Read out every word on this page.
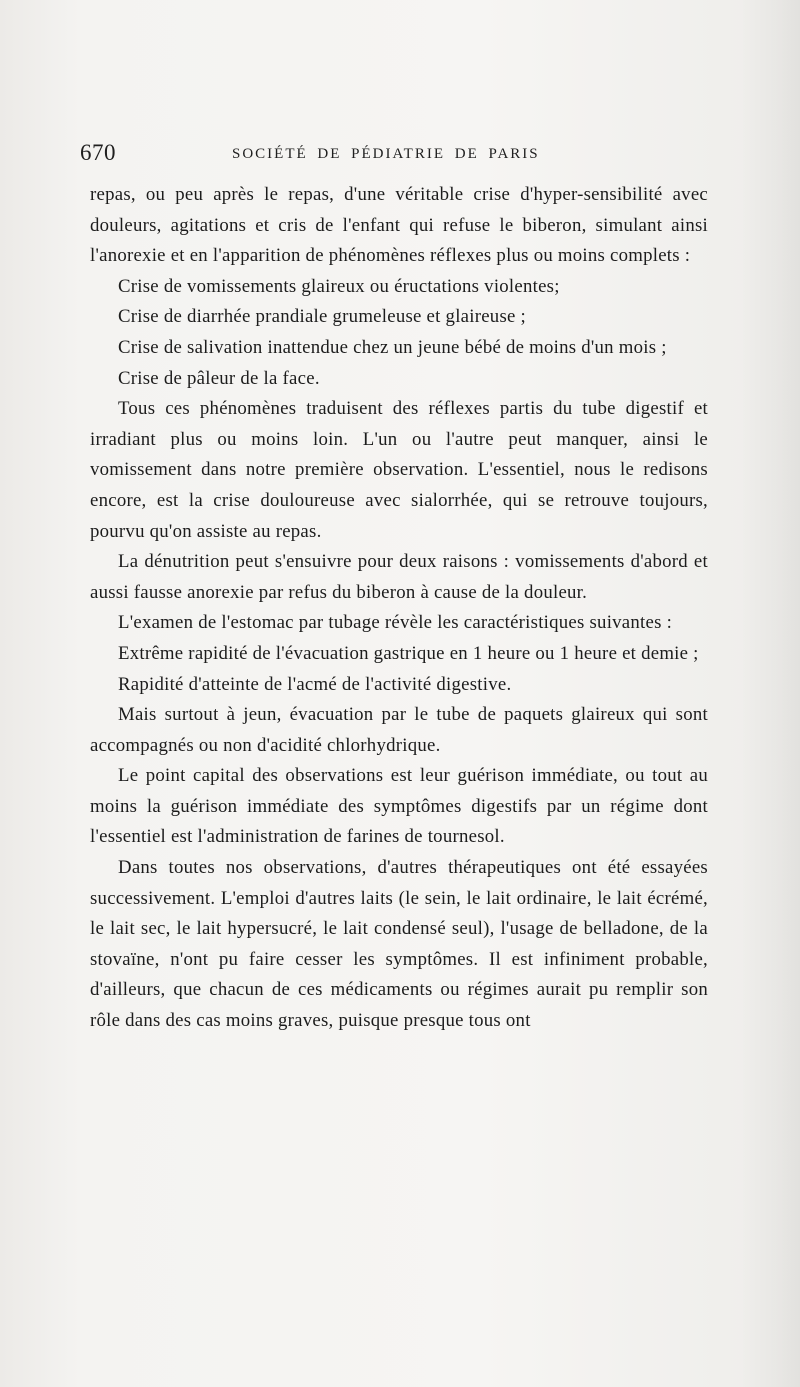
670	SOCIÉTÉ DE PÉDIATRIE DE PARIS

repas, ou peu après le repas, d'une véritable crise d'hyper-sensibilité avec douleurs, agitations et cris de l'enfant qui refuse le biberon, simulant ainsi l'anorexie et en l'apparition de phénomènes réflexes plus ou moins complets :

Crise de vomissements glaireux ou éructations violentes;

Crise de diarrhée prandiale grumeleuse et glaireuse ;

Crise de salivation inattendue chez un jeune bébé de moins d'un mois ;

Crise de pâleur de la face.

Tous ces phénomènes traduisent des réflexes partis du tube digestif et irradiant plus ou moins loin. L'un ou l'autre peut manquer, ainsi le vomissement dans notre première observation. L'essentiel, nous le redisons encore, est la crise douloureuse avec sialorrhée, qui se retrouve toujours, pourvu qu'on assiste au repas.

La dénutrition peut s'ensuivre pour deux raisons : vomissements d'abord et aussi fausse anorexie par refus du biberon à cause de la douleur.

L'examen de l'estomac par tubage révèle les caractéristiques suivantes :

Extrême rapidité de l'évacuation gastrique en 1 heure ou 1 heure et demie ;

Rapidité d'atteinte de l'acmé de l'activité digestive.

Mais surtout à jeun, évacuation par le tube de paquets glaireux qui sont accompagnés ou non d'acidité chlorhydrique.

Le point capital des observations est leur guérison immédiate, ou tout au moins la guérison immédiate des symptômes digestifs par un régime dont l'essentiel est l'administration de farines de tournesol.

Dans toutes nos observations, d'autres thérapeutiques ont été essayées successivement. L'emploi d'autres laits (le sein, le lait ordinaire, le lait écrémé, le lait sec, le lait hypersucré, le lait condensé seul), l'usage de belladone, de la stovaïne, n'ont pu faire cesser les symptômes. Il est infiniment probable, d'ailleurs, que chacun de ces médicaments ou régimes aurait pu remplir son rôle dans des cas moins graves, puisque presque tous ont
